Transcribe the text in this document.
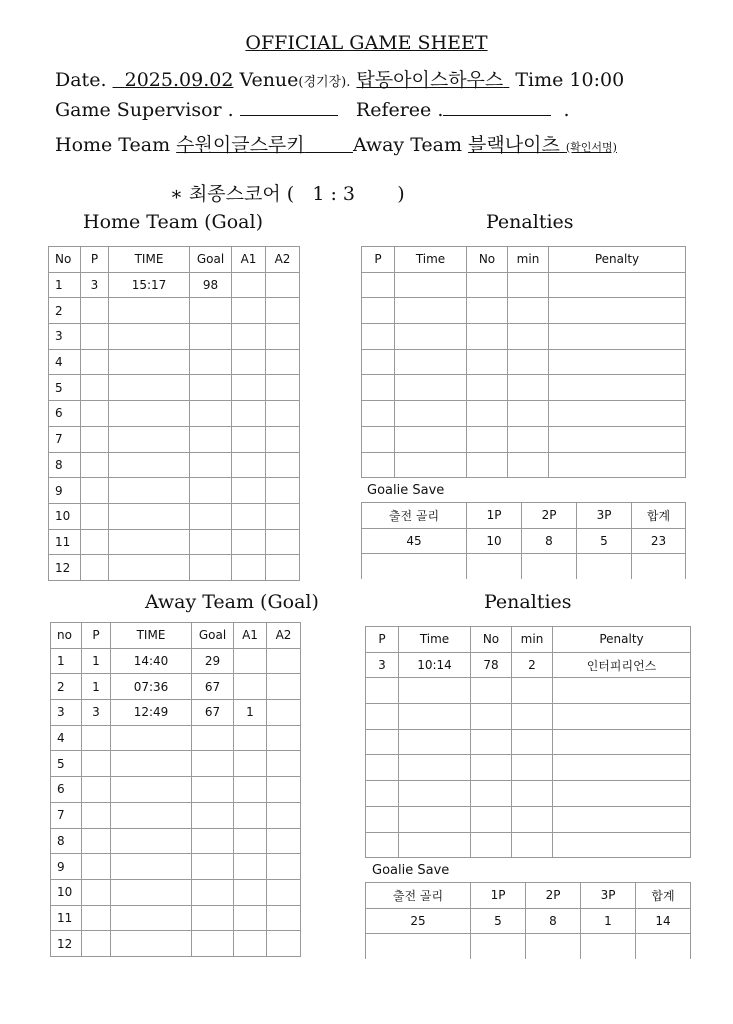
OFFICIAL GAME SHEET
Date. 2025.09.02 Venue(경기장). 탑동아이스하우스 Time 10:00
Game Supervisor .	Referee .	.
Home Team 수원이글스루키	Away Team 블랙나이츠 (확인서명)
∗ 최종스코어 ( 1 : 3 )
Home Team (Goal)	Penalties
Away Team (Goal)	Penalties
No	P	TIME	Goal	A1	A2
1	3	15:17	98		
2					
3					
4					
5					
6					
7					
8					
9					
10					
11					
12					
P	Time	No	min	Penalty

Goalie Save
출전 골리	1P	2P	3P	합계
45	10	8	5	23

no	P	TIME	Goal	A1	A2
1	1	14:40	29		
2	1	07:36	67		
3	3	12:49	67	1	
4					
5					
6					
7					
8					
9					
10					
11					
12					
P	Time	No	min	Penalty
3	10:14	78	2	인터피리언스

Goalie Save
출전 골리	1P	2P	3P	합계
25	5	8	1	14
